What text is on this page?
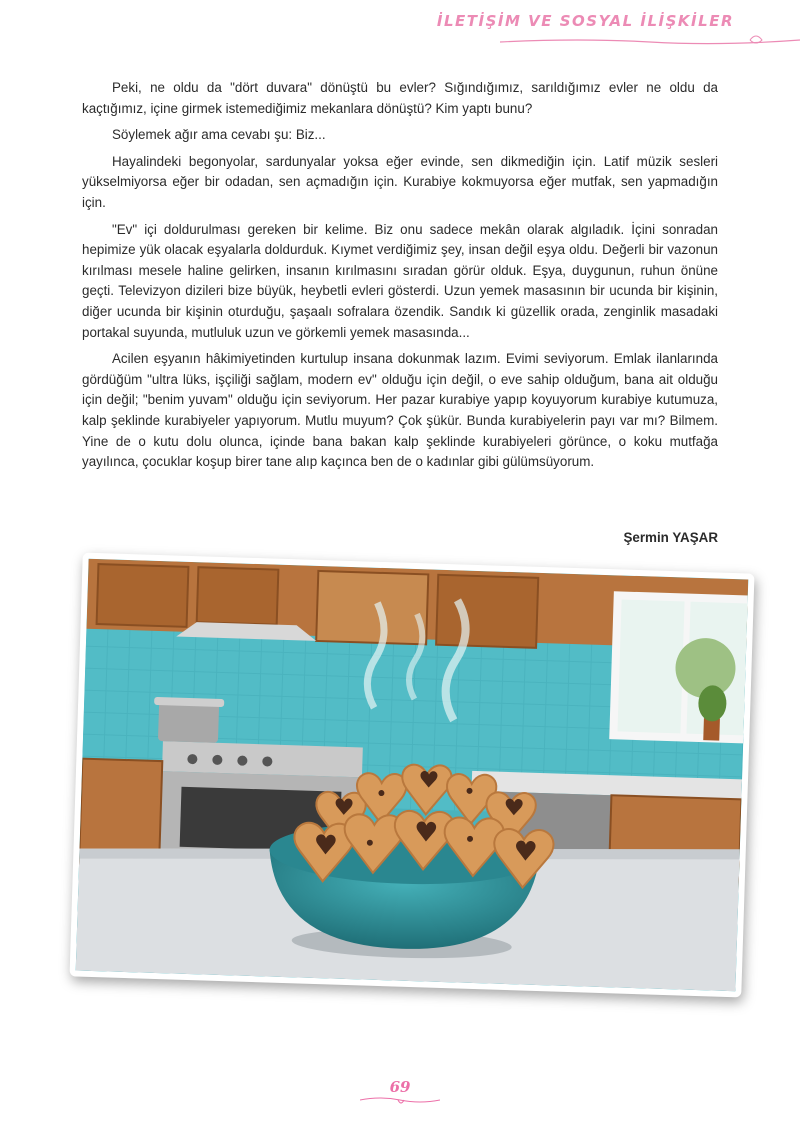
İLETİŞİM VE SOSYAL İLİŞKİLER

Peki, ne oldu da "dört duvara" dönüştü bu evler? Sığındığımız, sarıldığımız evler ne oldu da kaçtığımız, içine girmek istemediğimiz mekanlara dönüştü? Kim yaptı bunu?

Söylemek ağır ama cevabı şu: Biz...

Hayalindeki begonyolar, sardunyalar yoksa eğer evinde, sen dikmediğin için. Latif müzik sesleri yükselmiyorsa eğer bir odadan, sen açmadığın için. Kurabiye kokmuyorsa eğer mutfak, sen yapmadığın için.

"Ev" içi doldurulması gereken bir kelime. Biz onu sadece mekân olarak algıladık. İçini sonradan hepimize yük olacak eşyalarla doldurduk. Kıymet verdiğimiz şey, insan değil eşya oldu. Değerli bir vazonun kırılması mesele haline gelirken, insanın kırılmasını sıradan görür olduk. Eşya, duygunun, ruhun önüne geçti. Televizyon dizileri bize büyük, heybetli evleri gösterdi. Uzun yemek masasının bir ucunda bir kişinin, diğer ucunda bir kişinin oturduğu, şaşaalı sofralara özendik. Sandık ki güzellik orada, zenginlik masadaki portakal suyunda, mutluluk uzun ve görkemli yemek masasında...

Acilen eşyanın hâkimiyetinden kurtulup insana dokunmak lazım. Evimi seviyorum. Emlak ilanlarında gördüğüm "ultra lüks, işçiliği sağlam, modern ev" olduğu için değil, o eve sahip olduğum, bana ait olduğu için değil; "benim yuvam" olduğu için seviyorum. Her pazar kurabiye yapıp koyuyorum kurabiye kutumuza, kalp şeklinde kurabiyeler yapıyorum. Mutlu muyum? Çok şükür. Bunda kurabiyelerin payı var mı? Bilmem. Yine de o kutu dolu olunca, içinde bana bakan kalp şeklinde kurabiyeleri görünce, o koku mutfağa yayılınca, çocuklar koşup birer tane alıp kaçınca ben de o kadınlar gibi gülümsüyorum.

Şermin YAŞAR
69
